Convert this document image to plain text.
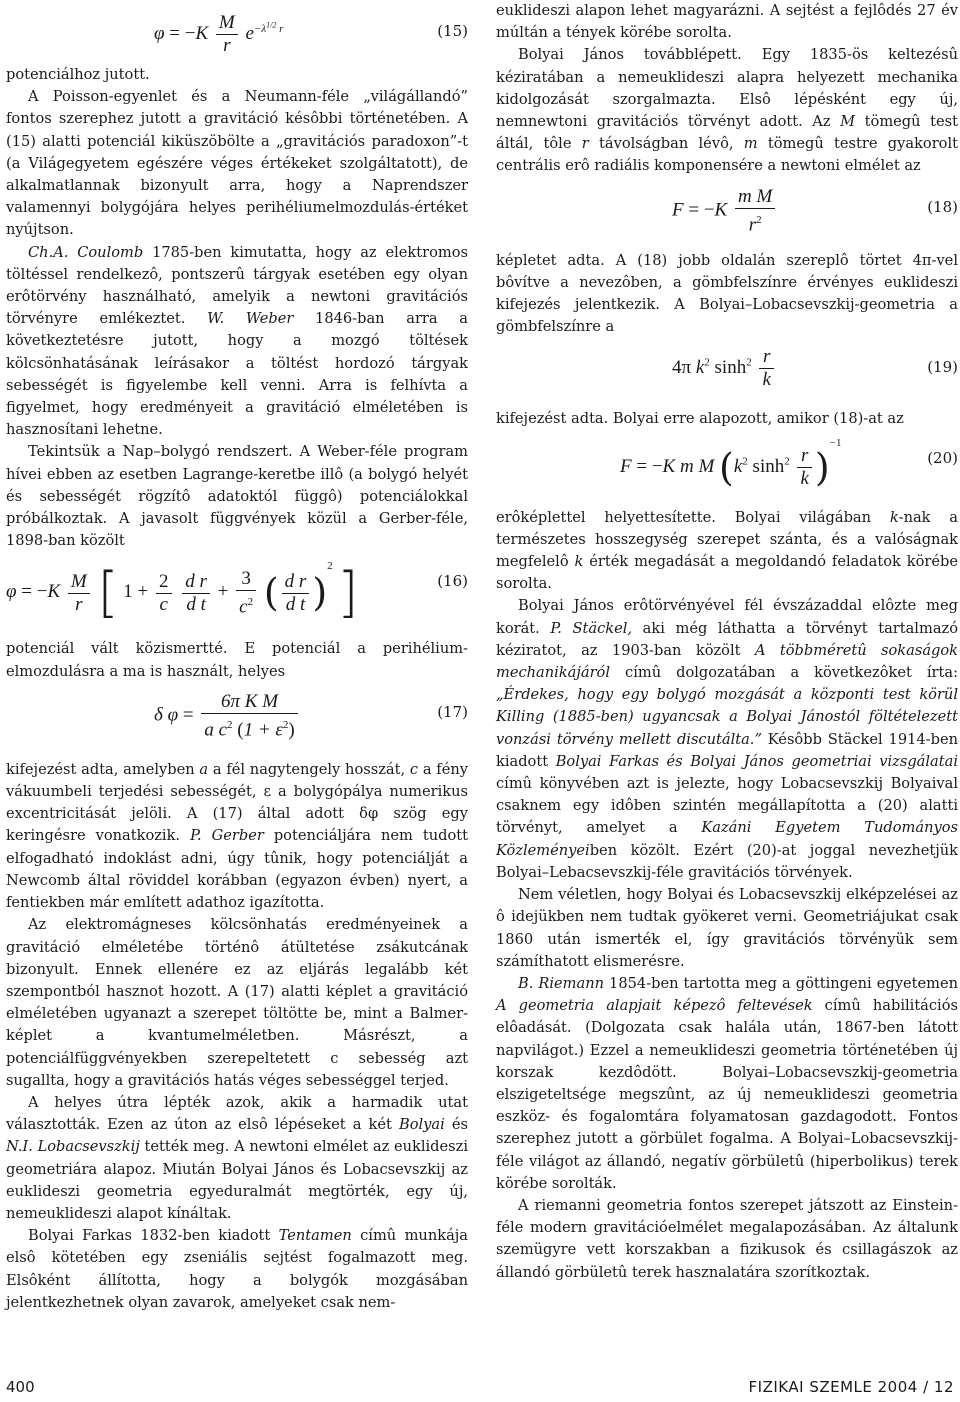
$\varphi = -K \frac{M}{r} e^{-\lambda^{1/2} r}$	(15)

potenciálhoz jutott.

A Poisson-egyenlet és a Neumann-féle „világállandó” fontos szerephez jutott a gravitáció késôbbi történetében. A (15) alatti potenciál kiküszöbölte a „gravitációs paradoxon”-t (a Világegyetem egészére véges értékeket szolgáltatott), de alkalmatlannak bizonyult arra, hogy a Naprendszer valamennyi bolygójára helyes perihéliumelmozdulás-értéket nyújtson.

Ch.A. Coulomb 1785-ben kimutatta, hogy az elektromos töltéssel rendelkezô, pontszerû tárgyak esetében egy olyan erôtörvény használható, amelyik a newtoni gravitációs törvényre emlékeztet. W. Weber 1846-ban arra a következtetésre jutott, hogy a mozgó töltések kölcsönhatásának leírásakor a töltést hordozó tárgyak sebességét is figyelembe kell venni. Arra is felhívta a figyelmet, hogy eredményeit a gravitáció elméletében is hasznosítani lehetne.

Tekintsük a Nap–bolygó rendszert. A Weber-féle program hívei ebben az esetben Lagrange-keretbe illô (a bolygó helyét és sebességét rögzítô adatoktól függô) potenciálokkal próbálkoztak. A javasolt függvények közül a Gerber-féle, 1898-ban közölt

$\varphi = -K \frac{M}{r}$ [ $1 + \frac{2}{c}$
$\frac{\text{d r}}{\text{d t}} + \frac{3}{c^2}$ ( $\frac{\text{d r}}{\text{d t}} )^2$ ]	(16)

potenciál vált közismertté. E potenciál a perihélium-elmozdulásra a ma is használt, helyes

δ $\varphi = \frac{\text{6π K M}}{a c^2 (1 + \varepsilon^2)}$	(17)

kifejezést adta, amelyben a a fél nagytengely hosszát, c a fény vákuumbeli terjedési sebességét, ε a bolygópálya numerikus excentricitását jelöli. A (17) által adott δφ szög egy keringésre vonatkozik. P. Gerber potenciáljára nem tudott elfogadható indoklást adni, úgy tûnik, hogy potenciálját a Newcomb által röviddel korábban (egyazon évben) nyert, a fentiekben már említett adathoz igazította.

Az elektromágneses kölcsönhatás eredményeinek a gravitáció elméletébe történô átültetése zsákutcának bizonyult. Ennek ellenére ez az eljárás legalább két szempontból hasznot hozott. A (17) alatti képlet a gravitáció elméletében ugyanazt a szerepet töltötte be, mint a Balmer-képlet a kvantumelméletben. Másrészt, a potenciálfüggvényekben szerepeltetett c sebesség azt sugallta, hogy a gravitációs hatás véges sebességgel terjed.

A helyes útra lépték azok, akik a harmadik utat választották. Ezen az úton az elsô lépéseket a két Bolyai és N.I. Lobacsevszkij tették meg. A newtoni elmélet az euklideszi geometriára alapoz. Miután Bolyai János és Lobacsevszkij az euklideszi geometria egyeduralmát megtörték, egy új, nemeuklideszi alapot kínáltak.

Bolyai Farkas 1832-ben kiadott Tentamen címû munkája elsô kötetében egy zseniális sejtést fogalmazott meg. Elsôként állította, hogy a bolygók mozgásában jelentkezhetnek olyan zavarok, amelyeket csak nem-

euklideszi alapon lehet magyarázni. A sejtést a fejlôdés 27 év múltán a tények körébe sorolta.

Bolyai János továbblépett. Egy 1835-ös keltezésû kéziratában a nemeuklideszi alapra helyezett mechanika kidolgozását szorgalmazta. Elsô lépésként egy új, nemnewtoni gravitációs törvényt adott. Az M tömegû test áltál, tôle r távolságban lévô, m tömegû testre gyakorolt centrális erô radiális komponensére a newtoni elmélet az

$F = -K \frac{\text{m M}}{r^2}$	(18)

képletet adta. A (18) jobb oldalán szereplô törtet 4π-vel bôvítve a nevezôben, a gömbfelszínre érvényes euklideszi kifejezés jelentkezik. A Bolyai–Lobacsevszkij-geometria a gömbfelszínre a

4π $k^2$ $\sinh^2 \frac{r}{k}$	(19)

kifejezést adta. Bolyai erre alapozott, amikor (18)-at az

F = −K m M ($k^2$ $\sinh^2 \frac{r}{k} )^{-1}$
(20)

erôképlettel helyettesítette. Bolyai világában k-nak a természetes hosszegység szerepet szánta, és a valóságnak megfelelô k érték megadását a megoldandó feladatok körébe sorolta.

Bolyai János erôtörvényével fél évszázaddal elôzte meg korát. P. Stäckel, aki még láthatta a törvényt tartalmazó kéziratot, az 1903-ban közölt A többméretû sokaságok mechanikájáról címû dolgozatában a következôket írta: „Érdekes, hogy egy bolygó mozgását a központi test körül Killing (1885-ben) ugyancsak a Bolyai Jánostól föltételezett vonzási törvény mellett discutálta.” Késôbb Stäckel 1914-ben kiadott Bolyai Farkas és Bolyai János geometriai vizsgálatai címû könyvében azt is jelezte, hogy Lobacsevszkij Bolyaival csaknem egy idôben szintén megállapította a (20) alatti törvényt, amelyet a Kazáni Egyetem Tudományos Közleményeiben közölt. Ezért (20)-at joggal nevezhetjük Bolyai–Lebacsevszkij-féle gravitációs törvények.

Nem véletlen, hogy Bolyai és Lobacsevszkij elképzelései az ô idejükben nem tudtak gyökeret verni. Geometriájukat csak 1860 után ismerték el, így gravitációs törvényük sem számíthatott elismerésre.

B. Riemann 1854-ben tartotta meg a göttingeni egyetemen A geometria alapjait képezô feltevések címû habilitációs elôadását. (Dolgozata csak halála után, 1867-ben látott napvilágot.) Ezzel a nemeuklideszi geometria történetében új korszak kezdôdött. Bolyai–Lobacsevszkij-geometria elszigeteltsége megszûnt, az új nemeuklideszi geometria eszköz- és fogalomtára folyamatosan gazdagodott. Fontos szerephez jutott a görbület fogalma. A Bolyai–Lobacsevszkij-féle világot az állandó, negatív görbületû (hiperbolikus) terek körébe sorolták.

A riemanni geometria fontos szerepet játszott az Einstein-féle modern gravitációelmélet megalapozásában. Az általunk szemügyre vett korszakban a fizikusok és csillagászok az állandó görbületû terek hasznalatára szorítkoztak.

400	FIZIKAI SZEMLE 2004 / 12
